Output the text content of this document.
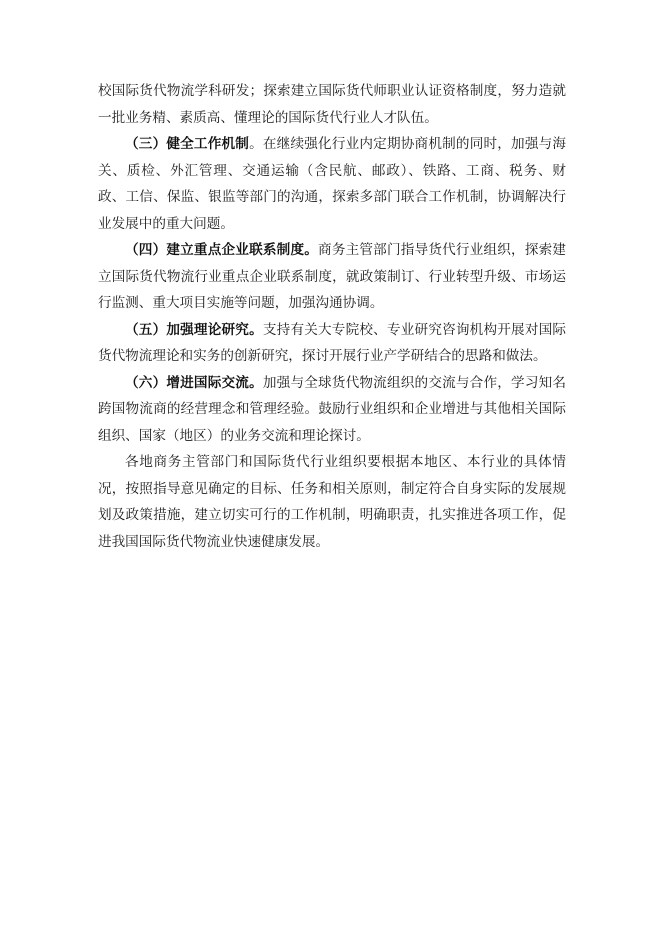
校国际货代物流学科研发；探索建立国际货代师职业认证资格制度，努力造就一批业务精、素质高、懂理论的国际货代行业人才队伍。

（三）健全工作机制。在继续强化行业内定期协商机制的同时，加强与海关、质检、外汇管理、交通运输（含民航、邮政）、铁路、工商、税务、财政、工信、保监、银监等部门的沟通，探索多部门联合工作机制，协调解决行业发展中的重大问题。

（四）建立重点企业联系制度。商务主管部门指导货代行业组织，探索建立国际货代物流行业重点企业联系制度，就政策制订、行业转型升级、市场运行监测、重大项目实施等问题，加强沟通协调。

（五）加强理论研究。支持有关大专院校、专业研究咨询机构开展对国际货代物流理论和实务的创新研究，探讨开展行业产学研结合的思路和做法。

（六）增进国际交流。加强与全球货代物流组织的交流与合作，学习知名跨国物流商的经营理念和管理经验。鼓励行业组织和企业增进与其他相关国际组织、国家（地区）的业务交流和理论探讨。

各地商务主管部门和国际货代行业组织要根据本地区、本行业的具体情况，按照指导意见确定的目标、任务和相关原则，制定符合自身实际的发展规划及政策措施，建立切实可行的工作机制，明确职责，扎实推进各项工作，促进我国国际货代物流业快速健康发展。
